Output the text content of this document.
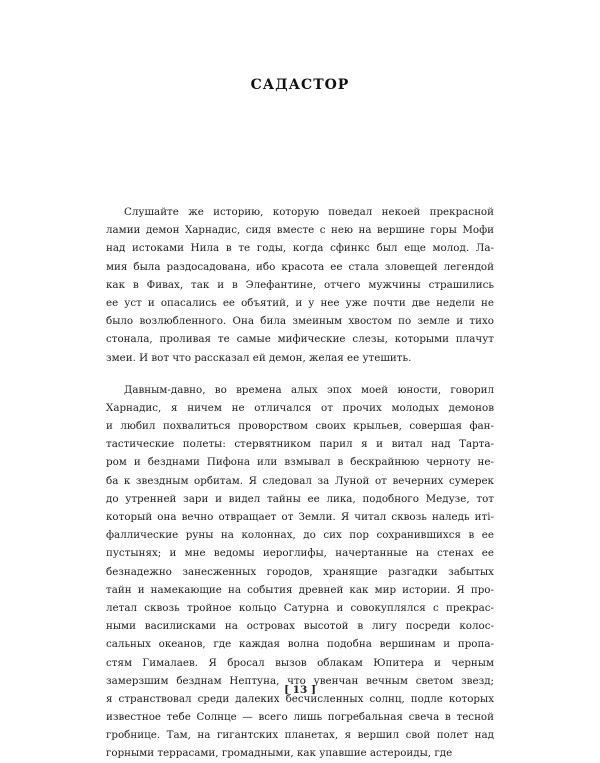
САДАСТОР

Слушайте же историю, которую поведал некоей прекрасной
ламии демон Харнадис, сидя вместе с нею на вершине горы Мофи
над истоками Нила в те годы, когда сфинкс был еще молод. Ла-
мия была раздосадована, ибо красота ее стала зловещей легендой
как в Фивах, так и в Элефантине, отчего мужчины страшились
ее уст и опасались ее объятий, и у нее уже почти две недели не
было возлюбленного. Она била змеиным хвостом по земле и тихо
стонала, проливая те самые мифические слезы, которыми плачут
змеи. И вот что рассказал ей демон, желая ее утешить.

Давным-давно, во времена алых эпох моей юности, говорил
Харнадис, я ничем не отличался от прочих молодых демонов
и любил похвалиться проворством своих крыльев, совершая фан-
тастические полеты: стервятником парил я и витал над Тарта-
ром и безднами Пифона или взмывал в бескрайнюю черноту не-
ба к звездным орбитам. Я следовал за Луной от вечерних сумерек
до утренней зари и видел тайны ее лика, подобного Медузе, тот
который она вечно отвращает от Земли. Я читал сквозь наледь итi-
фаллические руны на колоннах, до сих пор сохранившихся в ее
пустынях; и мне ведомы иероглифы, начертанные на стенах ее
безнадежно занесженных городов, хранящие разгадки забытых
тайн и намекающие на события древней как мир истории. Я про-
летал сквозь тройное кольцо Сатурна и совокуплялся с прекрас-
ными василисками на островах высотой в лигу посреди колос-
сальных океанов, где каждая волна подобна вершинам и пропа-
стям Гималаев. Я бросал вызов облакам Юпитера и черным
замерзшим безднам Нептуна, что увенчан вечным светом звезд;
я странствовал среди далеких бесчисленных солнц, подле которых
известное тебе Солнце — всего лишь погребальная свеча в тесной
гробнице. Там, на гигантских планетах, я вершил свой полет над
горными террасами, громадными, как упавшие астероиды, где

[ 13 ]
